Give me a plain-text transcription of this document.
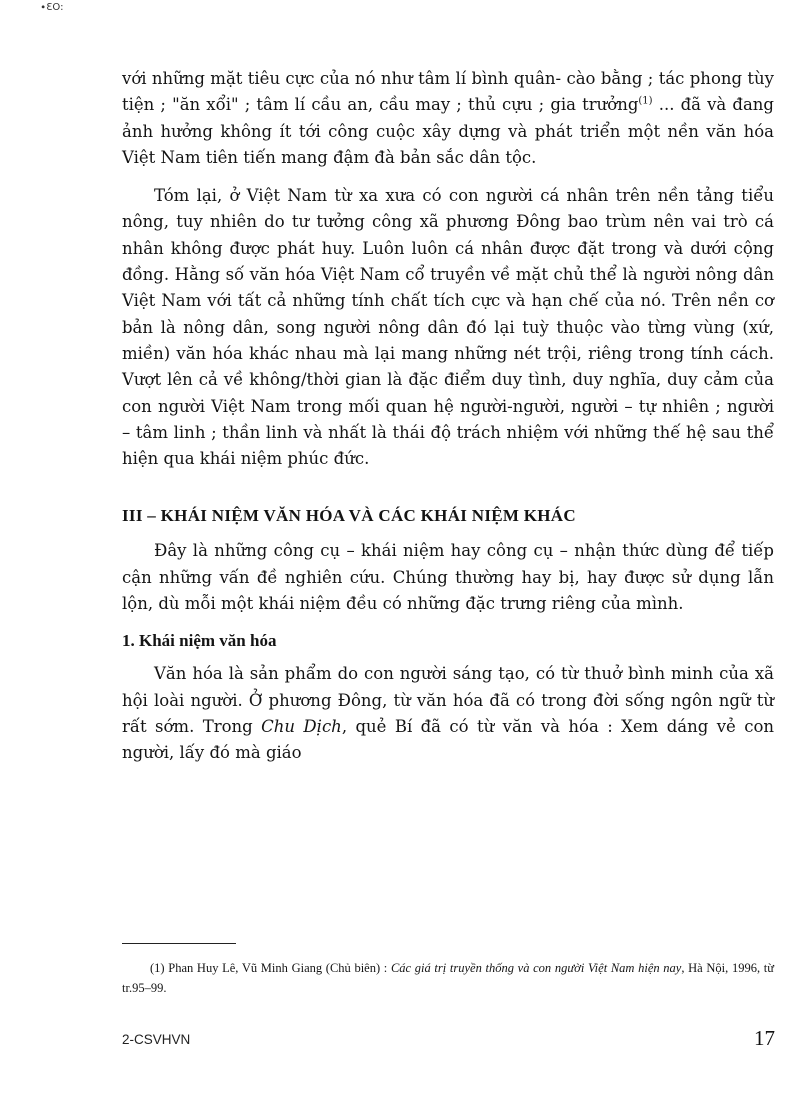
∙ƐO:

với những mặt tiêu cực của nó như tâm lí bình quân- cào bằng ; tác phong tùy tiện ; "ăn xổi" ; tâm lí cầu an, cầu may ; thủ cựu ; gia trưởng$^{(1)}$ ... đã và đang ảnh hưởng không ít tới công cuộc xây dựng và phát triển một nền văn hóa Việt Nam tiên tiến mang đậm đà bản sắc dân tộc.

Tóm lại, ở Việt Nam từ xa xưa có con người cá nhân trên nền tảng tiểu nông, tuy nhiên do tư tưởng công xã phương Đông bao trùm nên vai trò cá nhân không được phát huy. Luôn luôn cá nhân được đặt trong và dưới cộng đồng. Hằng số văn hóa Việt Nam cổ truyền về mặt chủ thể là người nông dân Việt Nam với tất cả những tính chất tích cực và hạn chế của nó. Trên nền cơ bản là nông dân, song người nông dân đó lại tuỳ thuộc vào từng vùng (xứ, miền) văn hóa khác nhau mà lại mang những nét trội, riêng trong tính cách. Vượt lên cả về không/thời gian là đặc điểm duy tình, duy nghĩa, duy cảm của con người Việt Nam trong mối quan hệ người-người, người – tự nhiên ; người – tâm linh ; thần linh và nhất là thái độ trách nhiệm với những thế hệ sau thể hiện qua khái niệm phúc đức.

III – KHÁI NIỆM VĂN HÓA VÀ CÁC KHÁI NIỆM KHÁC

Đây là những công cụ – khái niệm hay công cụ – nhận thức dùng để tiếp cận những vấn đề nghiên cứu. Chúng thường hay bị, hay được sử dụng lẫn lộn, dù mỗi một khái niệm đều có những đặc trưng riêng của mình.

1. Khái niệm văn hóa

Văn hóa là sản phẩm do con người sáng tạo, có từ thuở bình minh của xã hội loài người. Ở phương Đông, từ văn hóa đã có trong đời sống ngôn ngữ từ rất sớm. Trong Chu Dịch, quẻ Bí đã có từ văn và hóa : Xem dáng vẻ con người, lấy đó mà giáo

(1) Phan Huy Lê, Vũ Minh Giang (Chủ biên) : Các giá trị truyền thống và con người Việt Nam hiện nay, Hà Nội, 1996, từ tr.95–99.
2-CSVHVN	17
